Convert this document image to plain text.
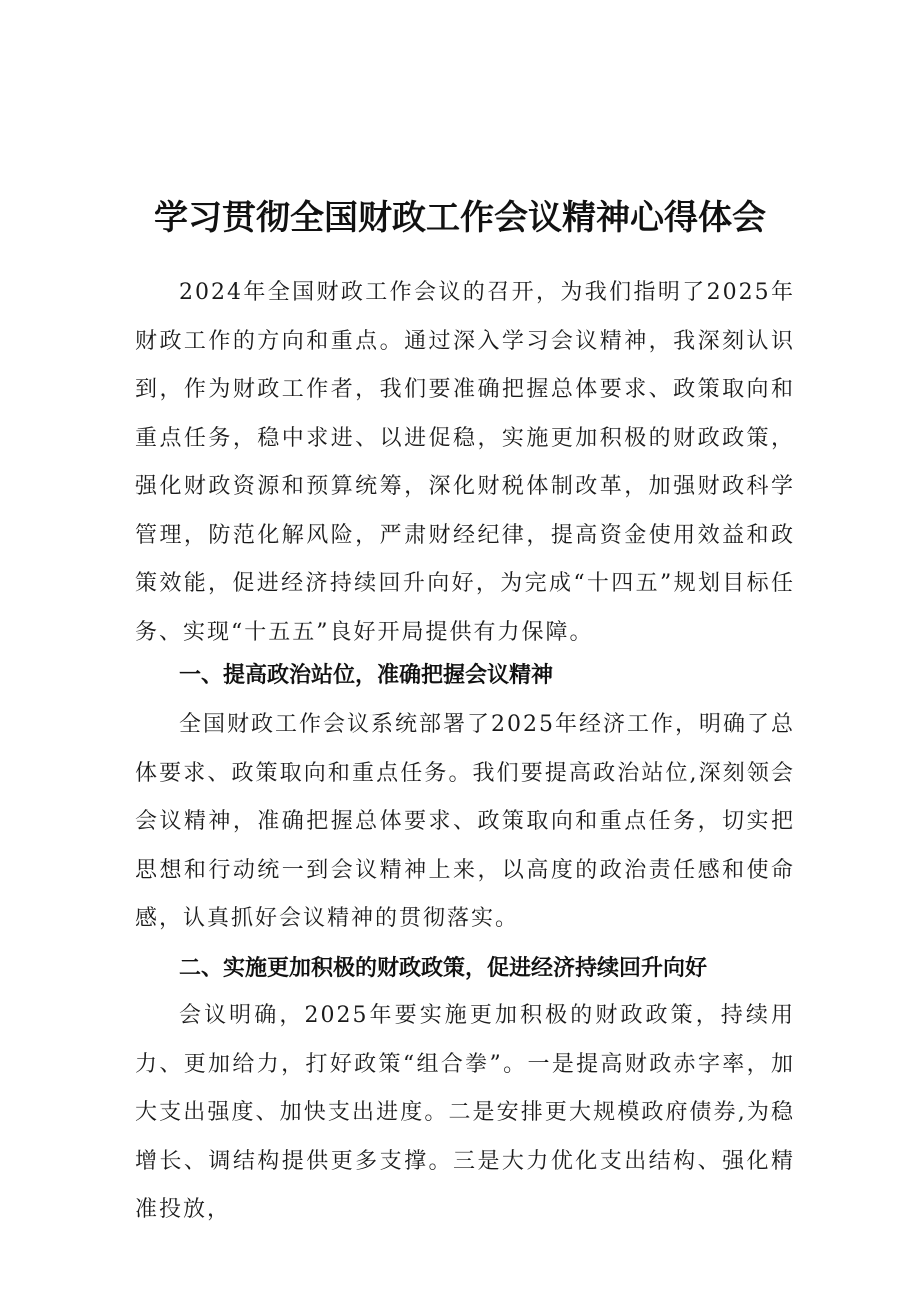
学习贯彻全国财政工作会议精神心得体会

2024年全国财政工作会议的召开，为我们指明了2025年财政工作的方向和重点。通过深入学习会议精神，我深刻认识到，作为财政工作者，我们要准确把握总体要求、政策取向和重点任务，稳中求进、以进促稳，实施更加积极的财政政策，强化财政资源和预算统筹，深化财税体制改革，加强财政科学管理，防范化解风险，严肃财经纪律，提高资金使用效益和政策效能，促进经济持续回升向好，为完成“十四五”规划目标任务、实现“十五五”良好开局提供有力保障。

一、提高政治站位，准确把握会议精神

全国财政工作会议系统部署了2025年经济工作，明确了总体要求、政策取向和重点任务。我们要提高政治站位,深刻领会会议精神，准确把握总体要求、政策取向和重点任务，切实把思想和行动统一到会议精神上来，以高度的政治责任感和使命感，认真抓好会议精神的贯彻落实。

二、实施更加积极的财政政策，促进经济持续回升向好

会议明确，2025年要实施更加积极的财政政策，持续用力、更加给力，打好政策“组合拳”。一是提高财政赤字率，加大支出强度、加快支出进度。二是安排更大规模政府债券,为稳增长、调结构提供更多支撑。三是大力优化支出结构、强化精准投放，
